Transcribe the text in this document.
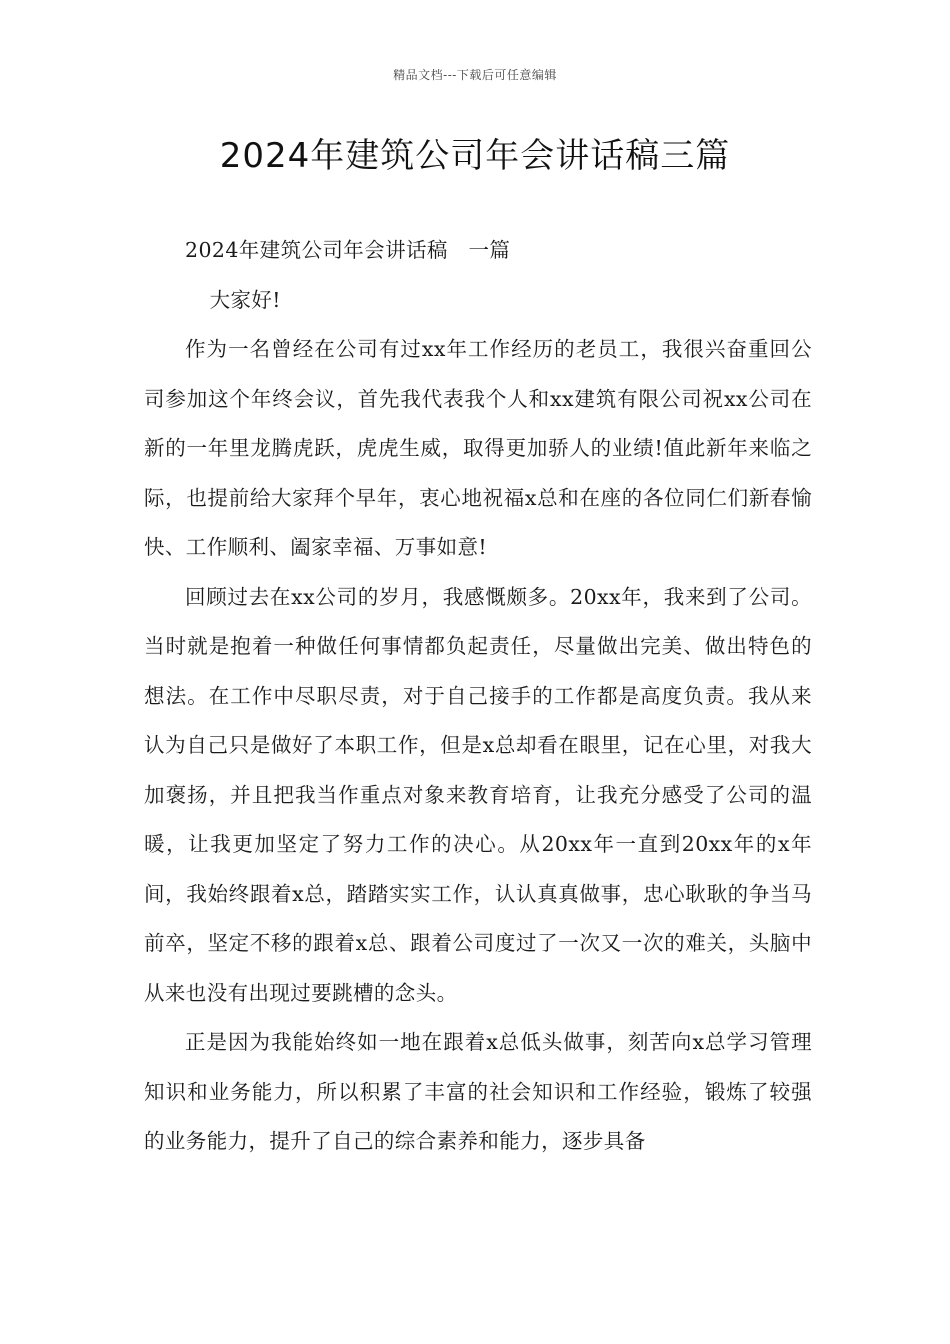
精品文档---下载后可任意编辑
2024年建筑公司年会讲话稿三篇

2024年建筑公司年会讲话稿   一篇

大家好!

作为一名曾经在公司有过xx年工作经历的老员工，我很兴奋重回公司参加这个年终会议，首先我代表我个人和xx建筑有限公司祝xx公司在新的一年里龙腾虎跃，虎虎生威，取得更加骄人的业绩!值此新年来临之际，也提前给大家拜个早年，衷心地祝福x总和在座的各位同仁们新春愉快、工作顺利、阖家幸福、万事如意!

回顾过去在xx公司的岁月，我感慨颇多。20xx年，我来到了公司。当时就是抱着一种做任何事情都负起责任，尽量做出完美、做出特色的想法。在工作中尽职尽责，对于自己接手的工作都是高度负责。我从来认为自己只是做好了本职工作，但是x总却看在眼里，记在心里，对我大加褒扬，并且把我当作重点对象来教育培育，让我充分感受了公司的温暖，让我更加坚定了努力工作的决心。从20xx年一直到20xx年的x年间，我始终跟着x总，踏踏实实工作，认认真真做事，忠心耿耿的争当马前卒，坚定不移的跟着x总、跟着公司度过了一次又一次的难关，头脑中从来也没有出现过要跳槽的念头。

正是因为我能始终如一地在跟着x总低头做事，刻苦向x总学习管理知识和业务能力，所以积累了丰富的社会知识和工作经验，锻炼了较强的业务能力，提升了自己的综合素养和能力，逐步具备
